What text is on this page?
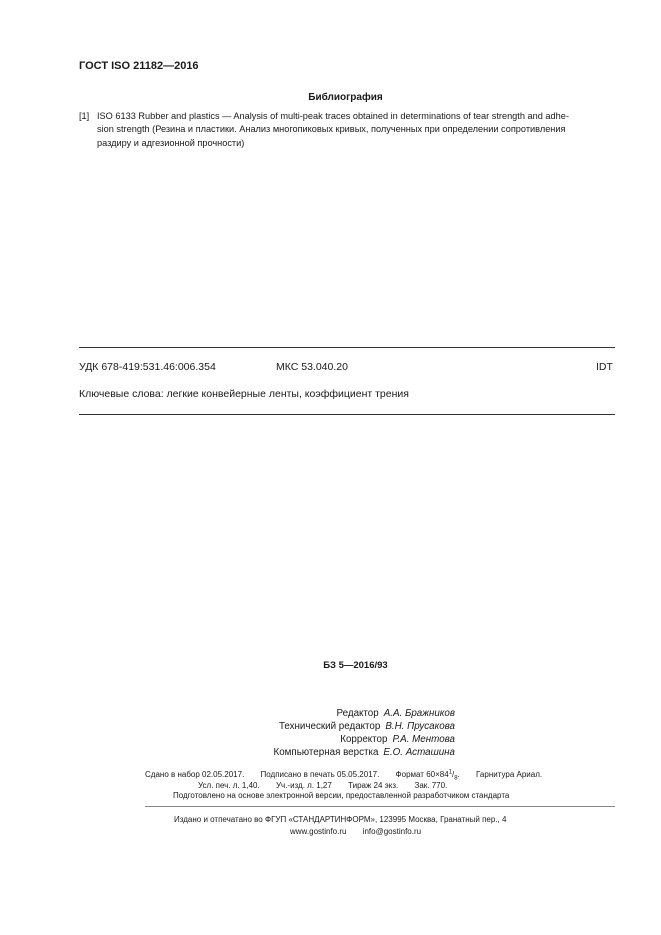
ГОСТ ISO 21182—2016
Библиография
[1] ISO 6133 Rubber and plastics — Analysis of multi-peak traces obtained in determinations of tear strength and adhe-
sion strength (Резина и пластики. Анализ многопиковых кривых, полученных при определении сопротивления
раздиру и адгезионной прочности)
УДК 678-419:531.46:006.354	МКС 53.040.20	IDT
Ключевые слова: легкие конвейерные ленты, коэффициент трения
БЗ 5—2016/93
Редактор А.А. Бражников
Технический редактор В.Н. Прусакова
Корректор Р.А. Ментова
Компьютерная верстка Е.О. Асташина
Сдано в набор 02.05.2017. Подписано в печать 05.05.2017. Формат $60\times 84^1/_8$. Гарнитура Ариал.
Усл. печ. л. 1,40. Уч.-изд. л. 1,27 Тираж 24 экз. Зак. 770.
Подготовлено на основе электронной версии, предоставленной разработчиком стандарта
Издано и отпечатано во ФГУП «СТАНДАРТИНФОРМ», 123995 Москва, Гранатный пер., 4
www.gostinfo.ru info@gostinfo.ru
